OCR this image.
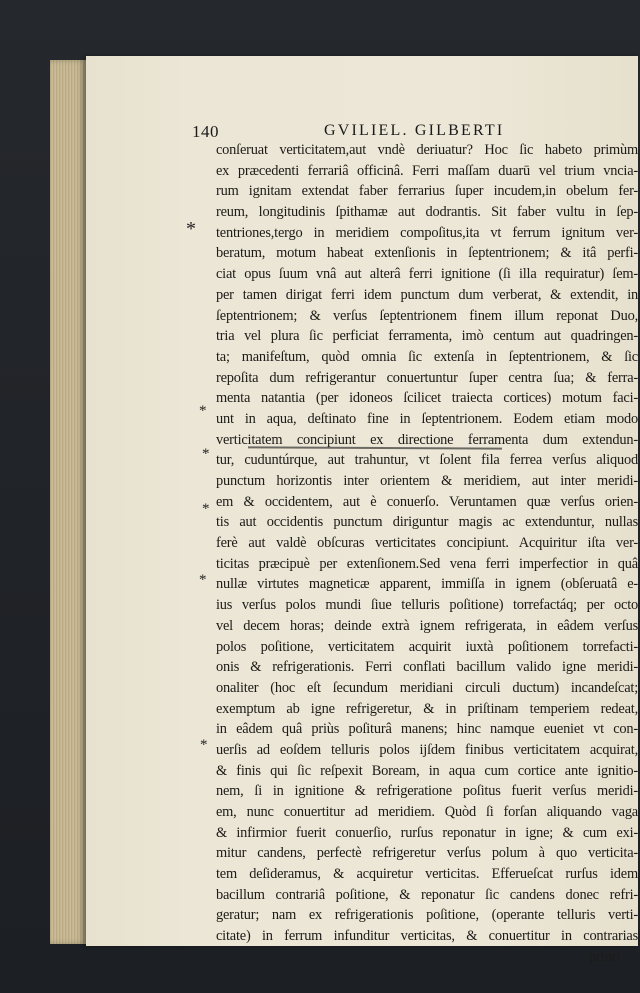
140	GVILIEL. GILBERTI
*
*
*
*
*
*
conſeruat verticitatem,aut vndè deriuatur? Hoc ſic habeto primùm
ex præcedenti ferrariâ officinâ. Ferri maſſam duarū vel trium vncia-
rum ignitam extendat faber ferrarius ſuper incudem,in obelum fer-
reum, longitudinis ſpithamæ aut dodrantis. Sit faber vultu in ſep-
tentriones,tergo in meridiem compoſitus,ita vt ferrum ignitum ver-
beratum, motum habeat extenſionis in ſeptentrionem; & itâ perfi-
ciat opus ſuum vnâ aut alterâ ferri ignitione (ſi illa requiratur) ſem-
per tamen dirigat ferri idem punctum dum verberat, & extendit, in
ſeptentrionem; & verſus ſeptentrionem finem illum reponat Duo,
tria vel plura ſic perficiat ferramenta, imò centum aut quadringen-
ta; manifeſtum, quòd omnia ſic extenſa in ſeptentrionem, & ſic
repoſita dum refrigerantur conuertuntur ſuper centra ſua; & ferra-
menta natantia (per idoneos ſcilicet traiecta cortices) motum faci-
unt in aqua, deſtinato fine in ſeptentrionem. Eodem etiam modo
verticitatem concipiunt ex directione ferramenta dum extendun-
tur, cuduntúrque, aut trahuntur, vt ſolent fila ferrea verſus aliquod
punctum horizontis inter orientem & meridiem, aut inter meridi-
em & occidentem, aut è conuerſo. Veruntamen quæ verſus orien-
tis aut occidentis punctum diriguntur magis ac extenduntur, nullas
ferè aut valdè obſcuras verticitates concipiunt. Acquiritur iſta ver-
ticitas præcipuè per extenſionem.Sed vena ferri imperfectior in quâ
nullæ virtutes magneticæ apparent, immiſſa in ignem (obſeruatâ e-
ius verſus polos mundi ſiue telluris poſitione) torrefactáq; per octo
vel decem horas; deinde extrà ignem refrigerata, in eâdem verſus
polos poſitione, verticitatem acquirit iuxtà poſitionem torrefacti-
onis & refrigerationis. Ferri conflati bacillum valido igne meridi-
onaliter (hoc eſt ſecundum meridiani circuli ductum) incandeſcat;
exemptum ab igne refrigeretur, & in priſtinam temperiem redeat,
in eâdem quâ priùs poſiturâ manens; hinc namque eueniet vt con-
uerſis ad eoſdem telluris polos ijſdem finibus verticitatem acquirat,
& finis qui ſic reſpexit Boream, in aqua cum cortice ante ignitio-
nem, ſi in ignitione & refrigeratione poſitus fuerit verſus meridi-
em, nunc conuertitur ad meridiem. Quòd ſi forſan aliquando vaga
& infirmior fuerit conuerſio, rurſus reponatur in igne; & cum exi-
mitur candens, perfectè refrigeretur verſus polum à quo verticita-
tem deſideramus, & acquiretur verticitas. Efferueſcat rurſus idem
bacillum contrariâ poſitione, & reponatur ſic candens donec refri-
geratur; nam ex refrigerationis poſitione, (operante telluris verti-
citate) in ferrum infunditur verticitas, & conuertitur in contrarias
priori
